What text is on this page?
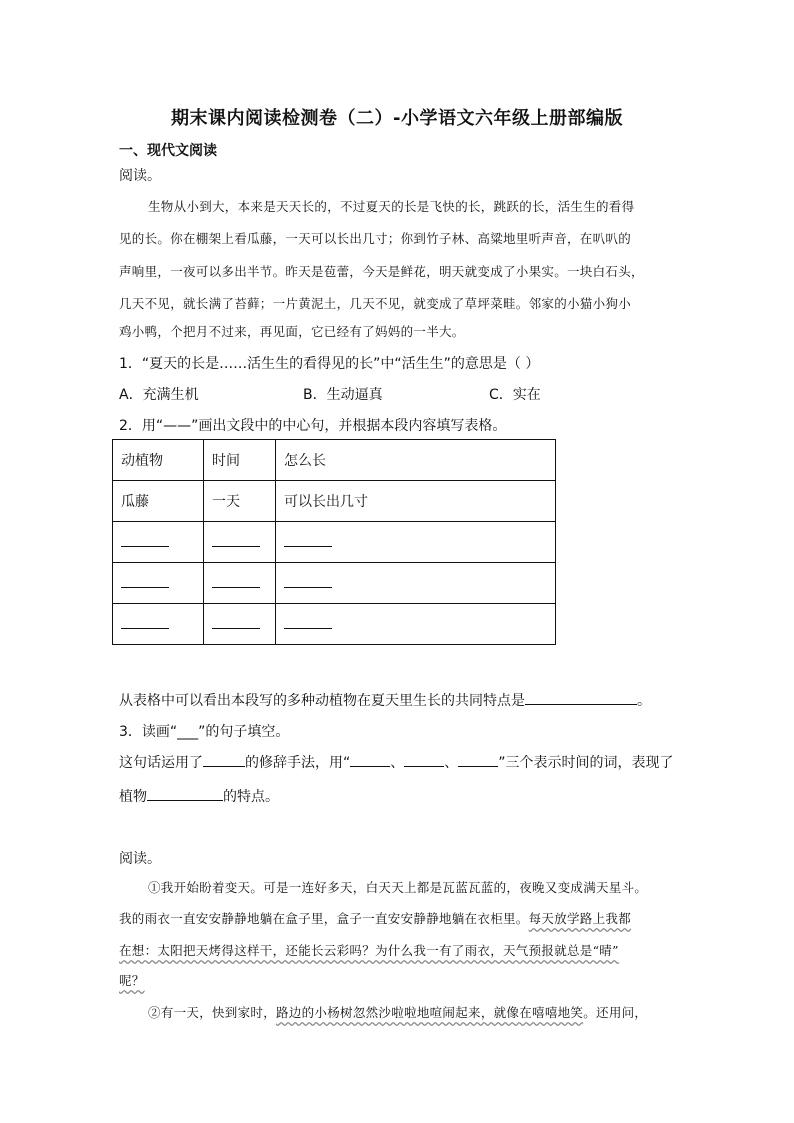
期末课内阅读检测卷（二）-小学语文六年级上册部编版
一、现代文阅读
阅读。
生物从小到大，本来是天天长的，不过夏天的长是飞快的长，跳跃的长，活生生的看得
见的长。你在棚架上看瓜藤，一天可以长出几寸；你到竹子林、高粱地里听声音，在叭叭的
声响里，一夜可以多出半节。昨天是苞蕾，今天是鲜花，明天就变成了小果实。一块白石头，
几天不见，就长满了苔藓；一片黄泥土，几天不见，就变成了草坪菜畦。邻家的小猫小狗小
鸡小鸭，个把月不过来，再见面，它已经有了妈妈的一半大。
1．“夏天的长是……活生生的看得见的长”中“活生生”的意思是（ ）
A．充满生机	B．生动逼真	C．实在
2．用“——”画出文段中的中心句，并根据本段内容填写表格。
动植物	时间	怎么长
瓜藤	一天	可以长出几寸

从表格中可以看出本段写的多种动植物在夏天里生长的共同特点是	。
3．读画“___”的句子填空。
这句话运用了	的修辞手法，用“	、	、	”三个表示时间的词，表现了
植物	的特点。
阅读。
①我开始盼着变天。可是一连好多天，白天天上都是瓦蓝瓦蓝的，夜晚又变成满天星斗。
我的雨衣一直安安静静地躺在盒子里，盒子一直安安静静地躺在衣柜里。每天放学路上我都
在想：太阳把天烤得这样干，还能长云彩吗？为什么我一有了雨衣，天气预报就总是“晴”
呢？
②有一天，快到家时，路边的小杨树忽然沙啦啦地喧闹起来，就像在嘻嘻地笑。还用问，
